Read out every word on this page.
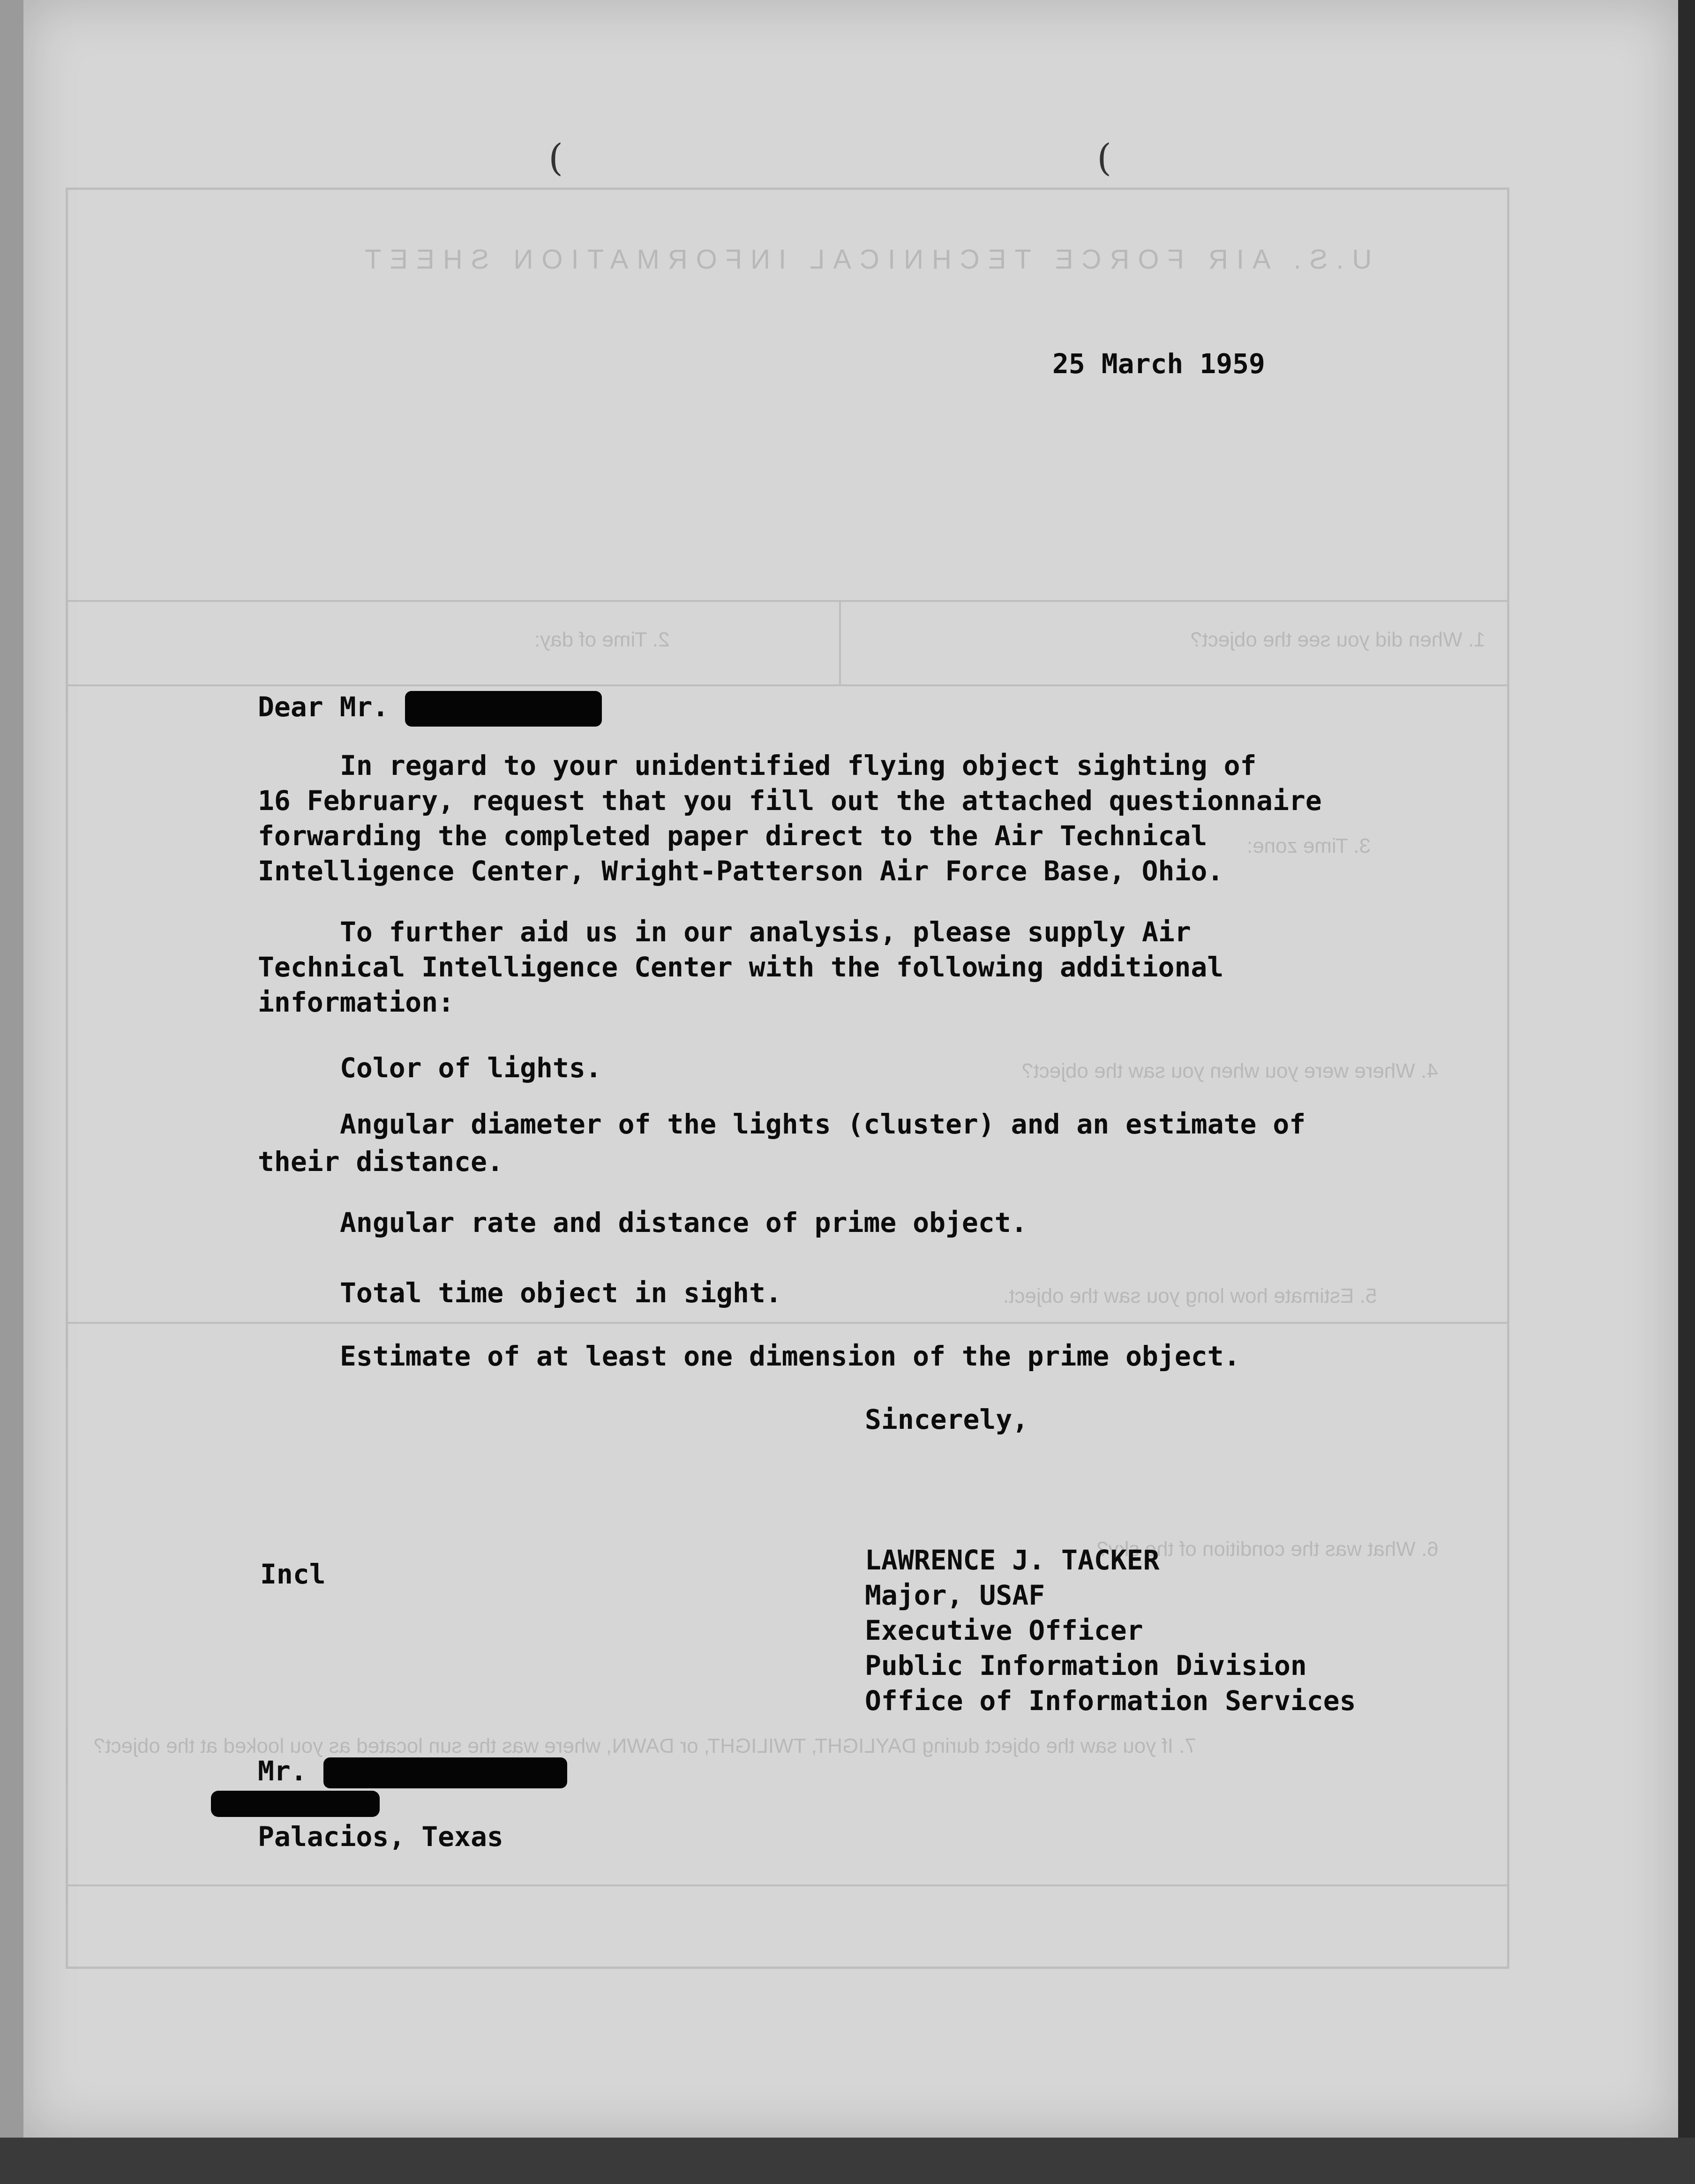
U.S. AIR FORCE TECHNICAL INFORMATION SHEET
1. When did you see the object?
2. Time of day:
3. Time zone:
4. Where were you when you saw the object?
5. Estimate how long you saw the object.
6. What was the condition of the sky?
7. If you saw the object during DAYLIGHT, TWILIGHT, or DAWN, where was the sun located as you looked at the object?
(	(
25 March 1959
Dear Mr.
In regard to your unidentified flying object sighting of
16 February, request that you fill out the attached questionnaire
forwarding the completed paper direct to the Air Technical
Intelligence Center, Wright-Patterson Air Force Base, Ohio.
To further aid us in our analysis, please supply Air
Technical Intelligence Center with the following additional
information:
Color of lights.
Angular diameter of the lights (cluster) and an estimate of
their distance.
Angular rate and distance of prime object.
Total time object in sight.
Estimate of at least one dimension of the prime object.
Sincerely,
Incl	LAWRENCE J. TACKER
Major, USAF
Executive Officer
Public Information Division
Office of Information Services
Mr.
Palacios, Texas
